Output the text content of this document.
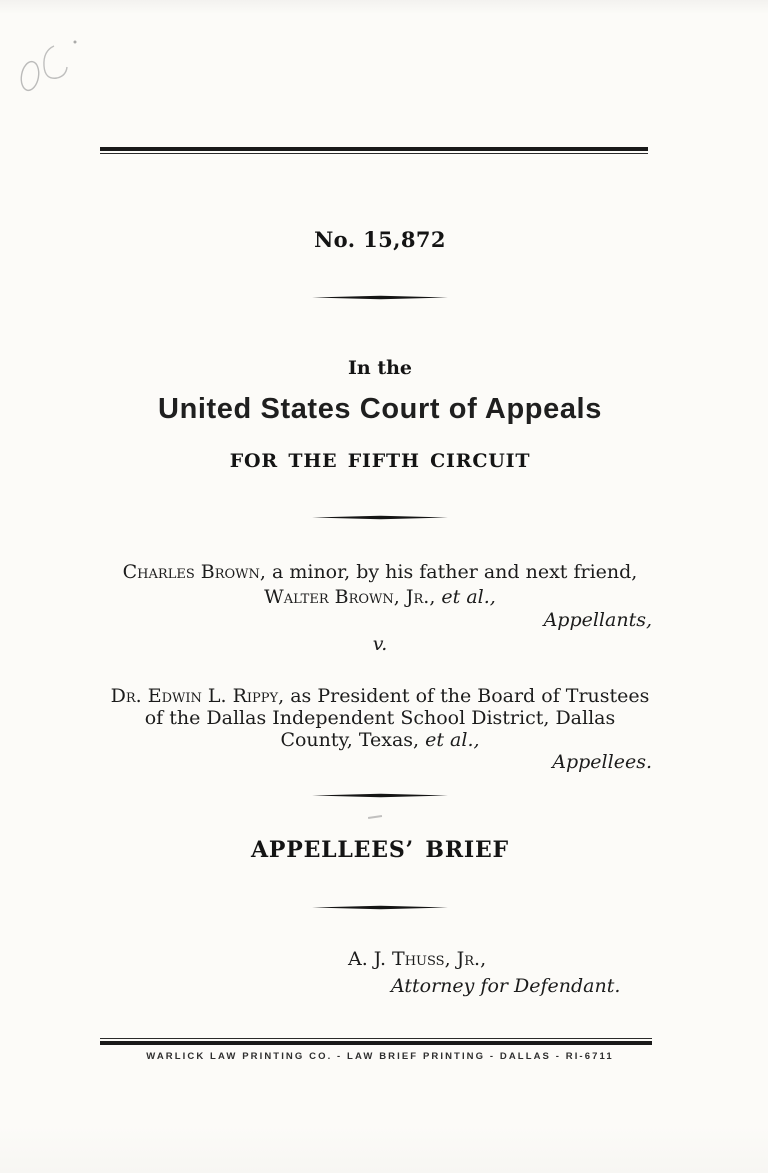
No. 15,872
In the
United States Court of Appeals
FOR THE FIFTH CIRCUIT
Charles Brown, a minor, by his father and next friend,
Walter Brown, Jr., et al.,
Appellants,
v.
Dr. Edwin L. Rippy, as President of the Board of Trustees
of the Dallas Independent School District, Dallas
County, Texas, et al.,
Appellees.
APPELLEES’ BRIEF
A. J. Thuss, Jr.,
Attorney for Defendant.
WARLICK LAW PRINTING CO. - LAW BRIEF PRINTING - DALLAS - RI-6711
